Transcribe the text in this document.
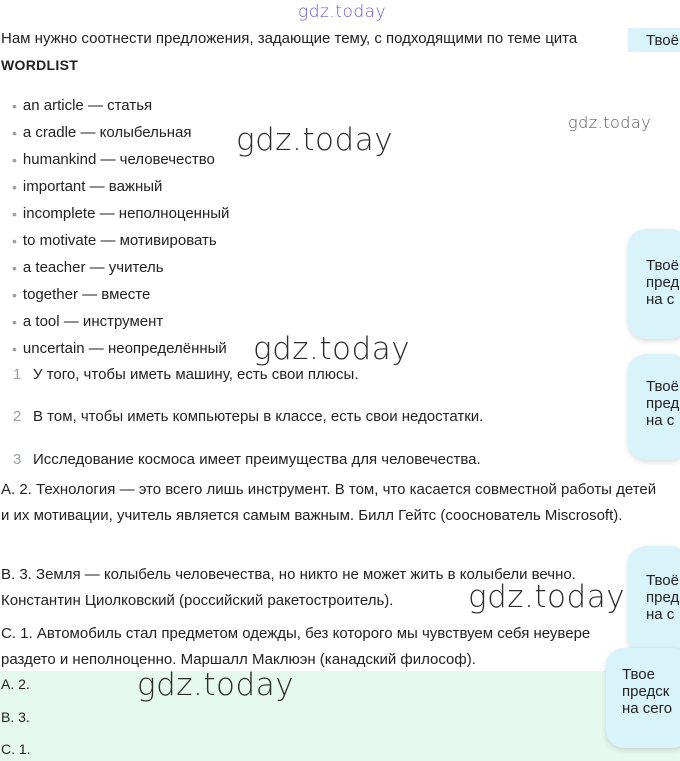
gdz.today
gdz.today
Нам нужно соотнести предложения, задающие тему, с подходящими по теме цита	Твоё
WORDLIST
• an article — статья
• a cradle — колыбельная
• humankind — человечество
• important — важный
• incomplete — неполноценный
• to motivate — мотивировать
• a teacher — учитель
• together — вместе
• a tool — инструмент
• uncertain — неопределённый
gdz.today
gdz.today
1 У того, чтобы иметь машину, есть свои плюсы.
2 В том, чтобы иметь компьютеры в классе, есть свои недостатки.
3 Исследование космоса имеет преимущества для человечества.
A. 2. Технология — это всего лишь инструмент. В том, что касается совместной работы детей и их мотивации, учитель является самым важным. Билл Гейтс (сооснователь Miscrosoft).
B. 3. Земля — колыбель человечества, но никто не может жить в колыбели вечно. Константин Циолковский (российский ракетостроитель).
C. 1. Автомобиль стал предметом одежды, без которого мы чувствуем себя неувере раздето и неполноценно. Маршалл Маклюэн (канадский философ).
gdz.today
A. 2.
B. 3.
C. 1.
gdz.today
Твоё
пред
на с
Твоё
пред
на с
Твоё
пред
на с
Твое
предск
на сего
